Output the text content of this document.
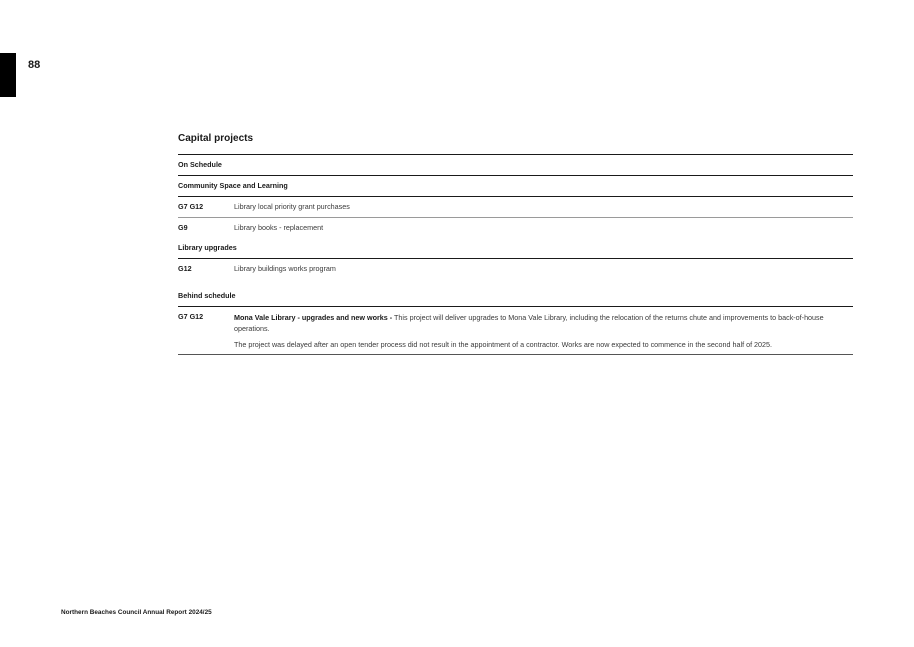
88
Capital projects
On Schedule
Community Space and Learning
G7 G12	Library local priority grant purchases
G9	Library books - replacement
Library upgrades
G12	Library buildings works program
Behind schedule
G7 G12	Mona Vale Library - upgrades and new works - This project will deliver upgrades to Mona Vale Library, including the relocation of the returns chute and improvements to back-of-house operations.

The project was delayed after an open tender process did not result in the appointment of a contractor. Works are now expected to commence in the second half of 2025.

Northern Beaches Council Annual Report 2024/25
